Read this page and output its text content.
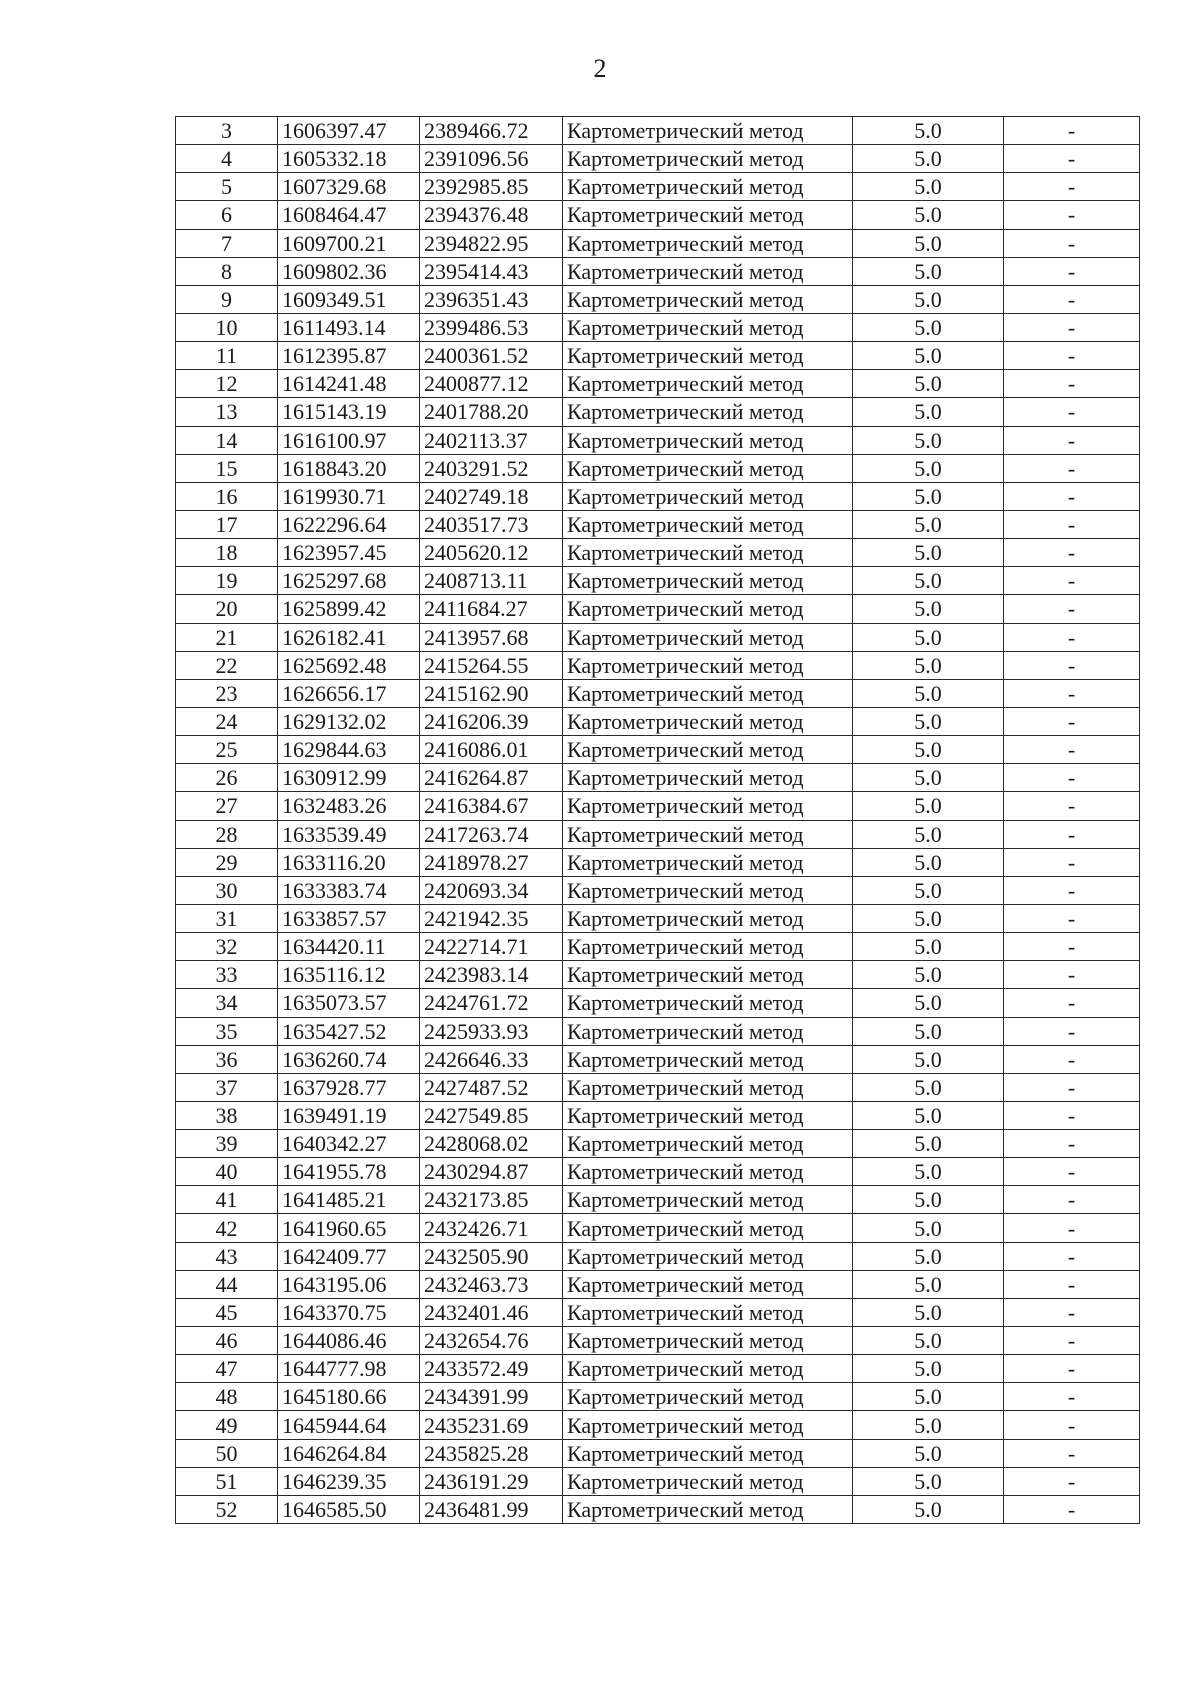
2
3	1606397.47	2389466.72	Картометрический метод	5.0	-
4	1605332.18	2391096.56	Картометрический метод	5.0	-
5	1607329.68	2392985.85	Картометрический метод	5.0	-
6	1608464.47	2394376.48	Картометрический метод	5.0	-
7	1609700.21	2394822.95	Картометрический метод	5.0	-
8	1609802.36	2395414.43	Картометрический метод	5.0	-
9	1609349.51	2396351.43	Картометрический метод	5.0	-
10	1611493.14	2399486.53	Картометрический метод	5.0	-
11	1612395.87	2400361.52	Картометрический метод	5.0	-
12	1614241.48	2400877.12	Картометрический метод	5.0	-
13	1615143.19	2401788.20	Картометрический метод	5.0	-
14	1616100.97	2402113.37	Картометрический метод	5.0	-
15	1618843.20	2403291.52	Картометрический метод	5.0	-
16	1619930.71	2402749.18	Картометрический метод	5.0	-
17	1622296.64	2403517.73	Картометрический метод	5.0	-
18	1623957.45	2405620.12	Картометрический метод	5.0	-
19	1625297.68	2408713.11	Картометрический метод	5.0	-
20	1625899.42	2411684.27	Картометрический метод	5.0	-
21	1626182.41	2413957.68	Картометрический метод	5.0	-
22	1625692.48	2415264.55	Картометрический метод	5.0	-
23	1626656.17	2415162.90	Картометрический метод	5.0	-
24	1629132.02	2416206.39	Картометрический метод	5.0	-
25	1629844.63	2416086.01	Картометрический метод	5.0	-
26	1630912.99	2416264.87	Картометрический метод	5.0	-
27	1632483.26	2416384.67	Картометрический метод	5.0	-
28	1633539.49	2417263.74	Картометрический метод	5.0	-
29	1633116.20	2418978.27	Картометрический метод	5.0	-
30	1633383.74	2420693.34	Картометрический метод	5.0	-
31	1633857.57	2421942.35	Картометрический метод	5.0	-
32	1634420.11	2422714.71	Картометрический метод	5.0	-
33	1635116.12	2423983.14	Картометрический метод	5.0	-
34	1635073.57	2424761.72	Картометрический метод	5.0	-
35	1635427.52	2425933.93	Картометрический метод	5.0	-
36	1636260.74	2426646.33	Картометрический метод	5.0	-
37	1637928.77	2427487.52	Картометрический метод	5.0	-
38	1639491.19	2427549.85	Картометрический метод	5.0	-
39	1640342.27	2428068.02	Картометрический метод	5.0	-
40	1641955.78	2430294.87	Картометрический метод	5.0	-
41	1641485.21	2432173.85	Картометрический метод	5.0	-
42	1641960.65	2432426.71	Картометрический метод	5.0	-
43	1642409.77	2432505.90	Картометрический метод	5.0	-
44	1643195.06	2432463.73	Картометрический метод	5.0	-
45	1643370.75	2432401.46	Картометрический метод	5.0	-
46	1644086.46	2432654.76	Картометрический метод	5.0	-
47	1644777.98	2433572.49	Картометрический метод	5.0	-
48	1645180.66	2434391.99	Картометрический метод	5.0	-
49	1645944.64	2435231.69	Картометрический метод	5.0	-
50	1646264.84	2435825.28	Картометрический метод	5.0	-
51	1646239.35	2436191.29	Картометрический метод	5.0	-
52	1646585.50	2436481.99	Картометрический метод	5.0	-
